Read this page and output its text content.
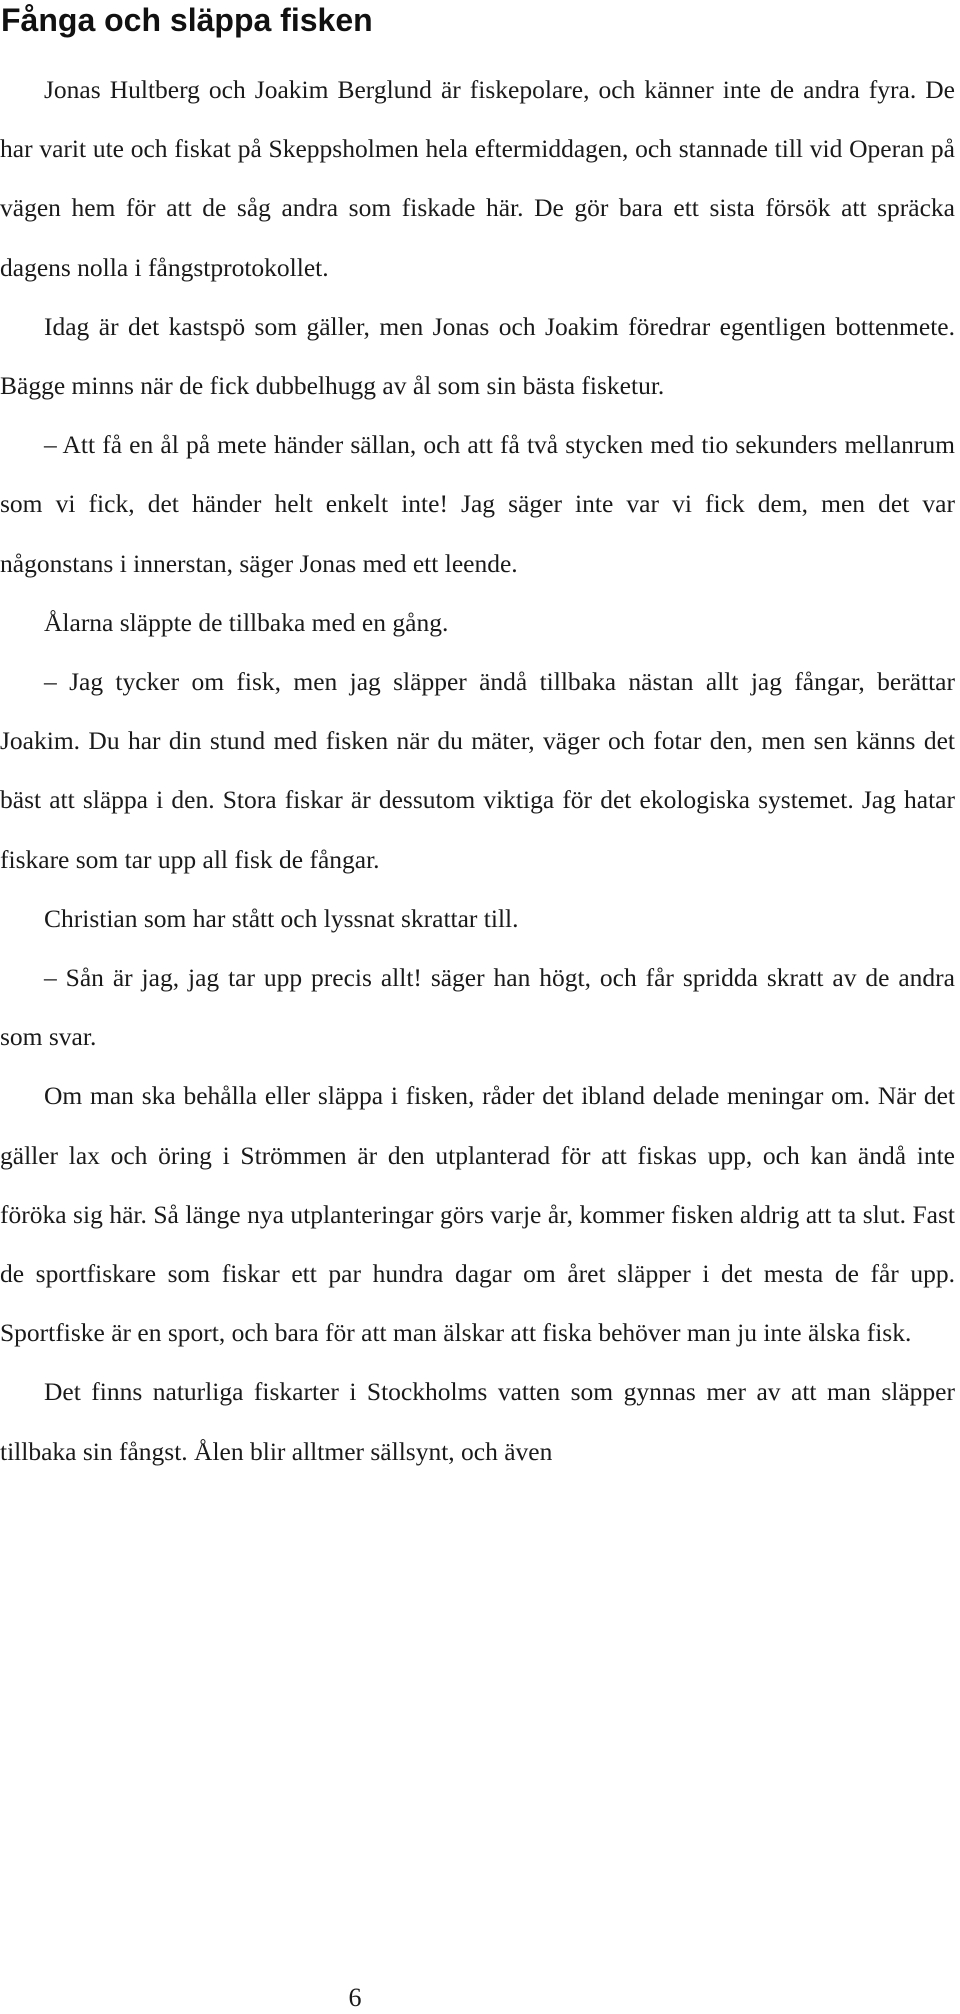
Fånga och släppa fisken

Jonas Hultberg och Joakim Berglund är fiskepolare, och känner inte de andra fyra. De har varit ute och fiskat på Skeppsholmen hela eftermiddagen, och stannade till vid Operan på vägen hem för att de såg andra som fiskade här. De gör bara ett sista försök att spräcka dagens nolla i fångstprotokollet.

Idag är det kastspö som gäller, men Jonas och Joakim föredrar egentligen bottenmete. Bägge minns när de fick dubbelhugg av ål som sin bästa fisketur.

– Att få en ål på mete händer sällan, och att få två stycken med tio sekunders mellanrum som vi fick, det händer helt enkelt inte! Jag säger inte var vi fick dem, men det var någonstans i innerstan, säger Jonas med ett leende.

Ålarna släppte de tillbaka med en gång.

– Jag tycker om fisk, men jag släpper ändå tillbaka nästan allt jag fångar, berättar Joakim. Du har din stund med fisken när du mäter, väger och fotar den, men sen känns det bäst att släppa i den. Stora fiskar är dessutom viktiga för det ekologiska systemet. Jag hatar fiskare som tar upp all fisk de fångar.

Christian som har stått och lyssnat skrattar till.

– Sån är jag, jag tar upp precis allt! säger han högt, och får spridda skratt av de andra som svar.

Om man ska behålla eller släppa i fisken, råder det ibland delade meningar om. När det gäller lax och öring i Strömmen är den utplanterad för att fiskas upp, och kan ändå inte föröka sig här. Så länge nya utplanteringar görs varje år, kommer fisken aldrig att ta slut. Fast de sportfiskare som fiskar ett par hundra dagar om året släpper i det mesta de får upp. Sportfiske är en sport, och bara för att man älskar att fiska behöver man ju inte älska fisk.

Det finns naturliga fiskarter i Stockholms vatten som gynnas mer av att man släpper tillbaka sin fångst. Ålen blir alltmer sällsynt, och även

6
